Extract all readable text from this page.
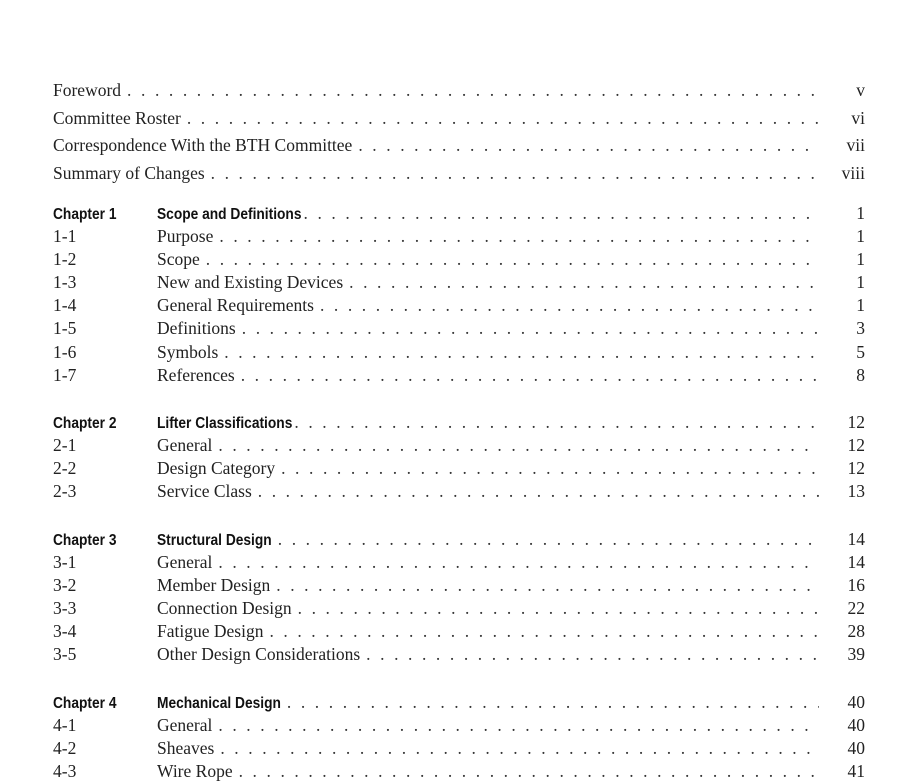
Foreword . . .	v
Committee Roster . . .	vi
Correspondence With the BTH Committee . . .	vii
Summary of Changes . . .	viii
Chapter 1	Scope and Definitions . . .	1
1-1	Purpose . . .	1
1-2	Scope . . .	1
1-3	New and Existing Devices . . .	1
1-4	General Requirements . . .	1
1-5	Definitions . . .	3
1-6	Symbols . . .	5
1-7	References . . .	8
Chapter 2	Lifter Classifications . . .	12
2-1	General . . .	12
2-2	Design Category . . .	12
2-3	Service Class . . .	13
Chapter 3	Structural Design . . .	14
3-1	General . . .	14
3-2	Member Design . . .	16
3-3	Connection Design . . .	22
3-4	Fatigue Design . . .	28
3-5	Other Design Considerations . . .	39
Chapter 4	Mechanical Design . . .	40
4-1	General . . .	40
4-2	Sheaves . . .	40
4-3	Wire Rope . . .	41
